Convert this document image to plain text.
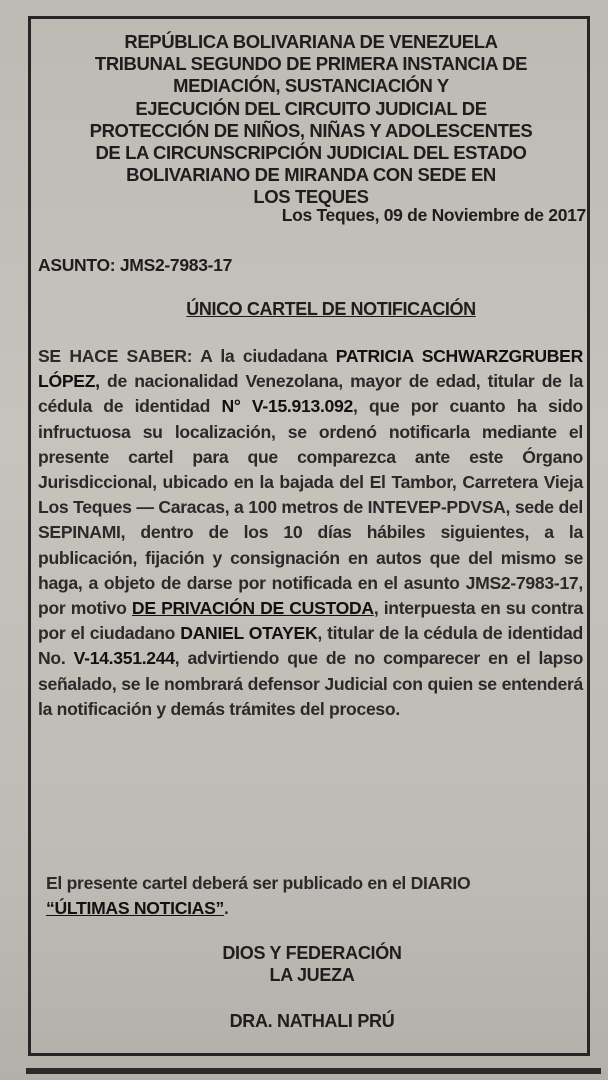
REPÚBLICA BOLIVARIANA DE VENEZUELA
TRIBUNAL SEGUNDO DE PRIMERA INSTANCIA DE
MEDIACIÓN, SUSTANCIACIÓN Y
EJECUCIÓN DEL CIRCUITO JUDICIAL DE
PROTECCIÓN DE NIÑOS, NIÑAS Y ADOLESCENTES
DE LA CIRCUNSCRIPCIÓN JUDICIAL DEL ESTADO
BOLIVARIANO DE MIRANDA CON SEDE EN
LOS TEQUES
Los Teques, 09 de Noviembre de 2017
ASUNTO: JMS2-7983-17
ÚNICO CARTEL DE NOTIFICACIÓN
SE HACE SABER: A la ciudadana PATRICIA SCHWARZGRUBER LÓPEZ, de nacionalidad Venezolana, mayor de edad, titular de la cédula de identidad N° V-15.913.092, que por cuanto ha sido infructuosa su localización, se ordenó notificarla mediante el presente cartel para que comparezca ante este Órgano Jurisdiccional, ubicado en la bajada del El Tambor, Carretera Vieja Los Teques — Caracas, a 100 metros de INTEVEP-PDVSA, sede del SEPINAMI, dentro de los 10 días hábiles siguientes, a la publicación, fijación y consignación en autos que del mismo se haga, a objeto de darse por notificada en el asunto JMS2-7983-17, por motivo DE PRIVACIÓN DE CUSTODA, interpuesta en su contra por el ciudadano DANIEL OTAYEK, titular de la cédula de identidad No. V-14.351.244, advirtiendo que de no comparecer en el lapso señalado, se le nombrará defensor Judicial con quien se entenderá la notificación y demás trámites del proceso.
El presente cartel deberá ser publicado en el DIARIO
“ÚLTIMAS NOTICIAS”.
DIOS Y FEDERACIÓN
LA JUEZA
DRA. NATHALI PRÚ
